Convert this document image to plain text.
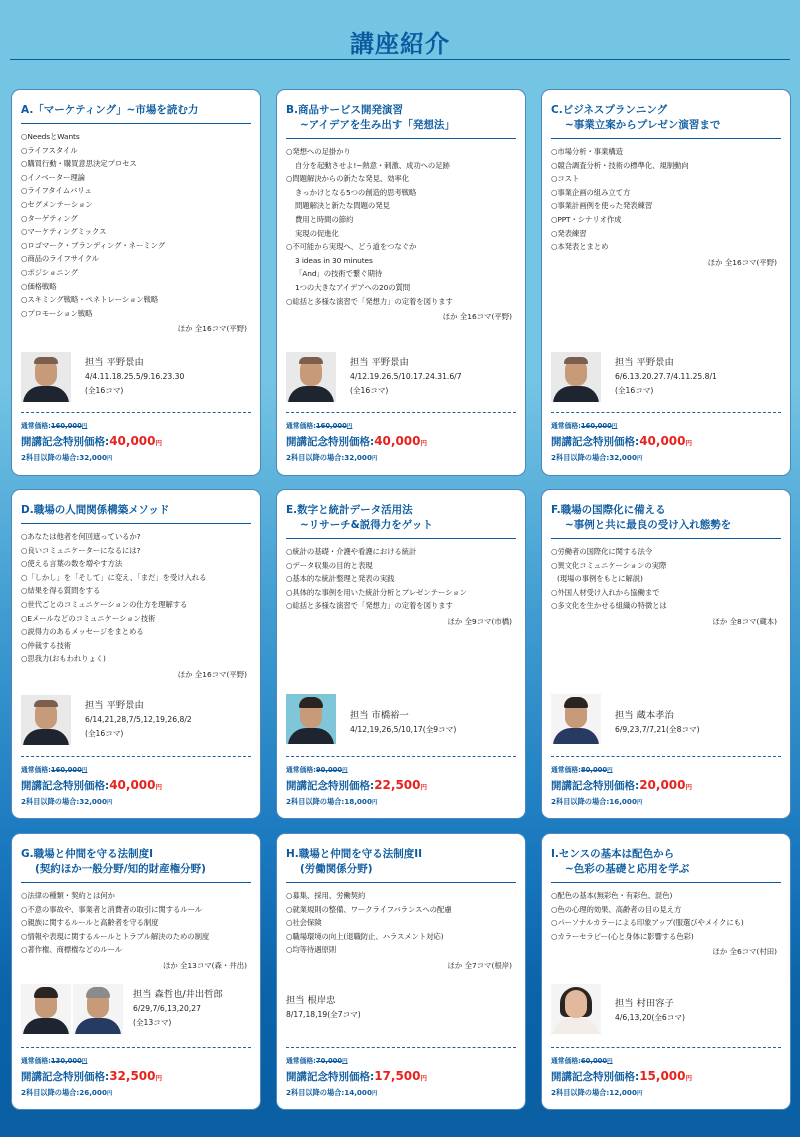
講座紹介
A.「マーケティング」~市場を読む力
○NeedsとWants
○ライフスタイル
○購買行動・購買意思決定プロセス
○イノベーター理論
○ライフタイムバリュ
○セグメンテーション
○ターゲティング
○マーケティングミックス
○ロゴマーク・ブランディング・ネーミング
○商品のライフサイクル
○ポジショニング
○価格戦略
○スキミング戦略・ペネトレーション戦略
○プロモーション戦略
ほか 全16コマ(平野)
担当 平野景由
4/4.11.18.25.5/9.16.23.30
(全16コマ)
通常価格:160,000円
開講記念特別価格:40,000円
2科目以降の場合:32,000円
B.商品サービス開発演習
~アイデアを生み出す「発想法」
○発想への足掛かり
自分を起動させよ!~熱意・刺激、成功への足跡
○問題解決からの新たな発見、効率化
きっかけとなる5つの創造的思考戦略
問題解決と新たな問題の発見
費用と時間の節約
実現の促進化
○不可能から実現へ、どう道をつなぐか
3 ideas in 30 minutes
「And」の技術で繋ぐ期待
1つの大きなアイデアへの20の質問
○総括と多様な演習で「発想力」の定着を図ります
ほか 全16コマ(平野)
担当 平野景由
4/12.19.26.5/10.17.24.31.6/7
(全16コマ)
通常価格:160,000円
開講記念特別価格:40,000円
2科目以降の場合:32,000円
C.ビジネスプランニング
~事業立案からプレゼン演習まで
○市場分析・事業構造
○競合調査分析・技術の標準化、規制動向
○コスト
○事業企画の組み立て方
○事業計画例を使った発表練習
○PPT・シナリオ作成
○発表練習
○本発表とまとめ
ほか 全16コマ(平野)
担当 平野景由
6/6.13.20.27.7/4.11.25.8/1
(全16コマ)
通常価格:160,000円
開講記念特別価格:40,000円
2科目以降の場合:32,000円
D.職場の人間関係構築メソッド
○あなたは他者を何回遮っているか?
○良いコミュニケーターになるには?
○使える言葉の数を増やす方法
○「しかし」を「そして」に変え、「まだ」を受け入れる
○結果を得る質問をする
○世代ごとのコミュニケーションの仕方を理解する
○Eメールなどのコミュニケーション技術
○説得力のあるメッセージをまとめる
○仲裁する技術
○思我力(おもわれりょく)
ほか 全16コマ(平野)
担当 平野景由
6/14,21,28,7/5,12,19,26,8/2
(全16コマ)
通常価格:160,000円
開講記念特別価格:40,000円
2科目以降の場合:32,000円
E.数字と統計データ活用法
~リサーチ&説得力をゲット
○統計の基礎・介護や看護における統計
○データ収集の目的と表現
○基本的な統計整理と発表の実践
○具体的な事例を用いた統計分析とプレゼンテーション
○総括と多様な演習で「発想力」の定着を図ります
ほか 全9コマ(市橋)
担当 市橋裕一
4/12,19,26,5/10,17(全9コマ)
通常価格:90,000円
開講記念特別価格:22,500円
2科目以降の場合:18,000円
F.職場の国際化に備える
~事例と共に最良の受け入れ態勢を
○労働者の国際化に関する法令
○異文化コミュニケーションの実際
(現場の事例をもとに解説)
○外国人材受け入れから協働まで
○多文化を生かせる組織の特徴とは
ほか 全8コマ(蔵本)
担当 蔵本孝治
6/9,23,7/7,21(全8コマ)
通常価格:80,000円
開講記念特別価格:20,000円
2科目以降の場合:16,000円
G.職場と仲間を守る法制度I
(契約ほか一般分野/知的財産権分野)
○法律の種類・契約とは何か
○不意の事故や、事業者と消費者の取引に関するルール
○親族に関するルールと高齢者を守る制度
○情報や表現に関するルールとトラブル解決のための制度
○著作権、商標権などのルール
ほか 全13コマ(森・井出)
担当 森哲也/井出哲郎
6/29,7/6,13,20,27
(全13コマ)
通常価格:130,000円
開講記念特別価格:32,500円
2科目以降の場合:26,000円
H.職場と仲間を守る法制度II
(労働関係分野)
○募集、採用、労働契約
○就業規則の整備、ワークライフバランスへの配慮
○社会保険
○職場環境の向上(退職防止、ハラスメント対応)
○均等待遇原則
ほか 全7コマ(根岸)
担当 根岸忠
8/17,18,19(全7コマ)
通常価格:70,000円
開講記念特別価格:17,500円
2科目以降の場合:14,000円
I.センスの基本は配色から
~色彩の基礎と応用を学ぶ
○配色の基本(無彩色・有彩色、混色)
○色の心理的効果、高齢者の目の見え方
○パーソナルカラーによる印象アップ(服選びやメイクにも)
○カラーセラピー(心と身体に影響する色彩)
ほか 全6コマ(村田)
担当 村田容子
4/6,13,20(全6コマ)
通常価格:60,000円
開講記念特別価格:15,000円
2科目以降の場合:12,000円
